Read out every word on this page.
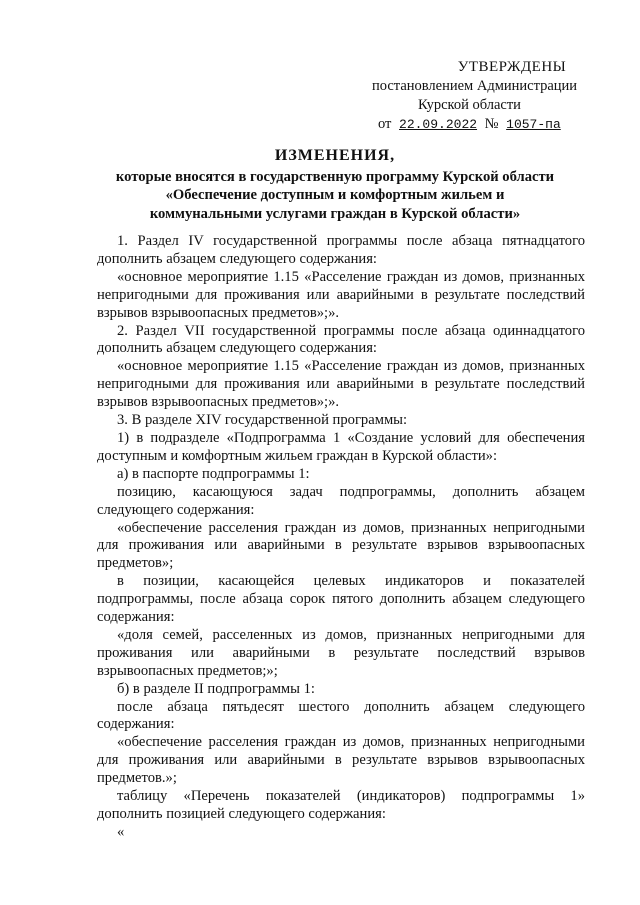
УТВЕРЖДЕНЫ
постановлением Администрации
Курской области
от 22.09.2022 № 1057-па
ИЗМЕНЕНИЯ,
которые вносятся в государственную программу Курской области
«Обеспечение доступным и комфортным жильем и
коммунальными услугами граждан в Курской области»

1. Раздел IV государственной программы после абзаца пятнадцатого дополнить абзацем следующего содержания:

«основное мероприятие 1.15 «Расселение граждан из домов, признанных непригодными для проживания или аварийными в результате последствий взрывов взрывоопасных предметов»;».

2. Раздел VII государственной программы после абзаца одиннадцатого дополнить абзацем следующего содержания:

«основное мероприятие 1.15 «Расселение граждан из домов, признанных непригодными для проживания или аварийными в результате последствий взрывов взрывоопасных предметов»;».

3. В разделе XIV государственной программы:

1) в подразделе «Подпрограмма 1 «Создание условий для обеспечения доступным и комфортным жильем граждан в Курской области»:

а) в паспорте подпрограммы 1:

позицию, касающуюся задач подпрограммы, дополнить абзацем следующего содержания:

«обеспечение расселения граждан из домов, признанных непригодными для проживания или аварийными в результате взрывов взрывоопасных предметов»;

в позиции, касающейся целевых индикаторов и показателей подпрограммы, после абзаца сорок пятого дополнить абзацем следующего содержания:

«доля семей, расселенных из домов, признанных непригодными для проживания или аварийными в результате последствий взрывов взрывоопасных предметов;»;

б) в разделе II подпрограммы 1:

после абзаца пятьдесят шестого дополнить абзацем следующего содержания:

«обеспечение расселения граждан из домов, признанных непригодными для проживания или аварийными в результате взрывов взрывоопасных предметов.»;

таблицу «Перечень показателей (индикаторов) подпрограммы 1» дополнить позицией следующего содержания:

«
